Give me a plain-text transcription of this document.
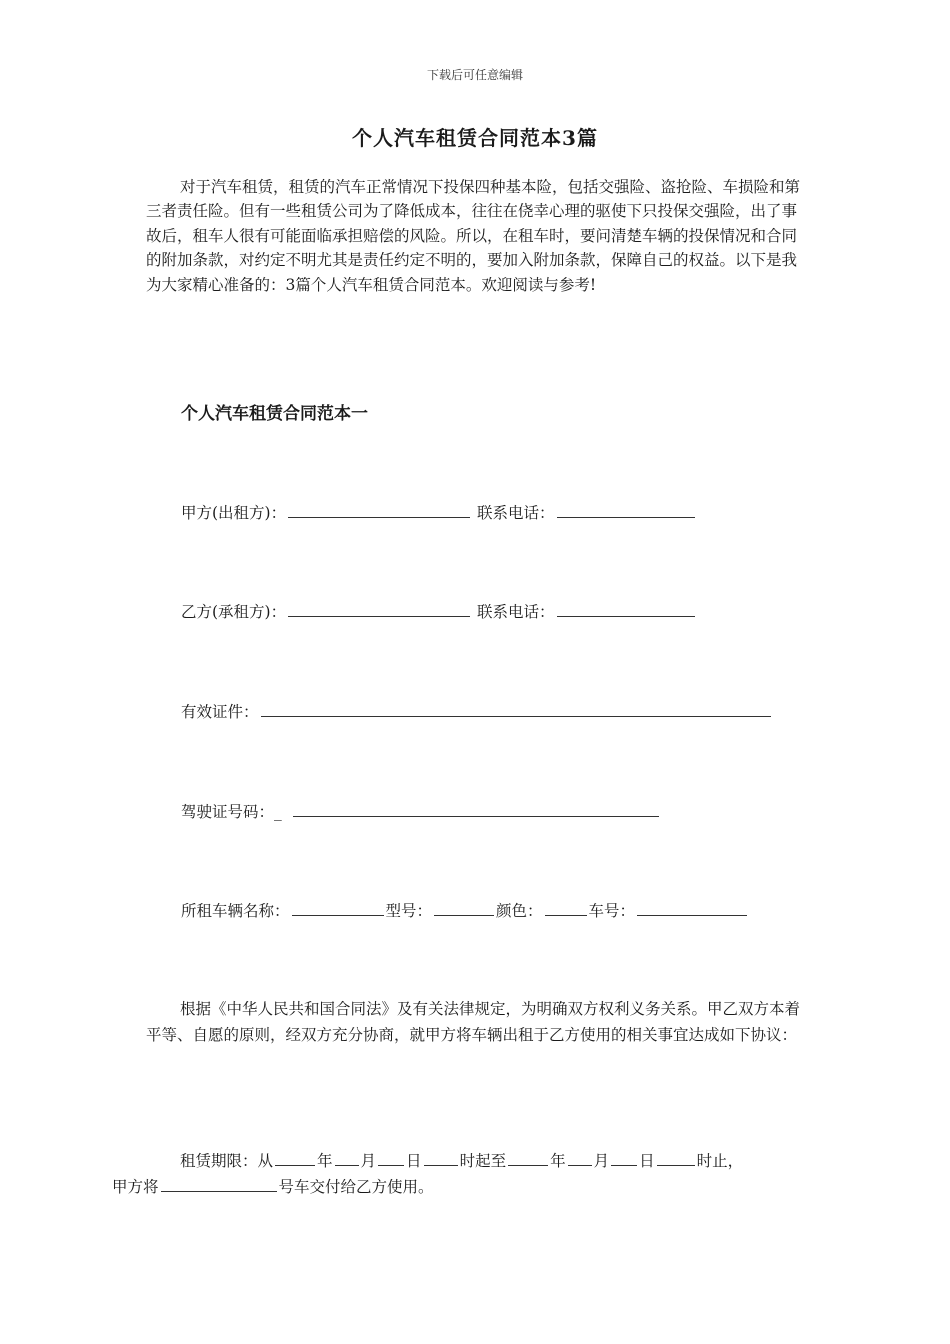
下载后可任意编辑
个人汽车租赁合同范本3篇

对于汽车租赁，租赁的汽车正常情况下投保四种基本险，包括交强险、盗抢险、车损险和第三者责任险。但有一些租赁公司为了降低成本，往往在侥幸心理的驱使下只投保交强险，出了事故后，租车人很有可能面临承担赔偿的风险。所以，在租车时，要问清楚车辆的投保情况和合同的附加条款，对约定不明尤其是责任约定不明的，要加入附加条款，保障自己的权益。以下是我为大家精心准备的：3篇个人汽车租赁合同范本。欢迎阅读与参考!

个人汽车租赁合同范本一
甲方(出租方)：	联系电话：
乙方(承租方)：	联系电话：
有效证件：
驾驶证号码：_
所租车辆名称：	型号：	颜色：	车号：

根据《中华人民共和国合同法》及有关法律规定，为明确双方权利义务关系。甲乙双方本着平等、自愿的原则，经双方充分协商，就甲方将车辆出租于乙方使用的相关事宜达成如下协议：

租赁期限：从	年 月 日 时起至	年 月 日	时止，
甲方将	号车交付给乙方使用。
